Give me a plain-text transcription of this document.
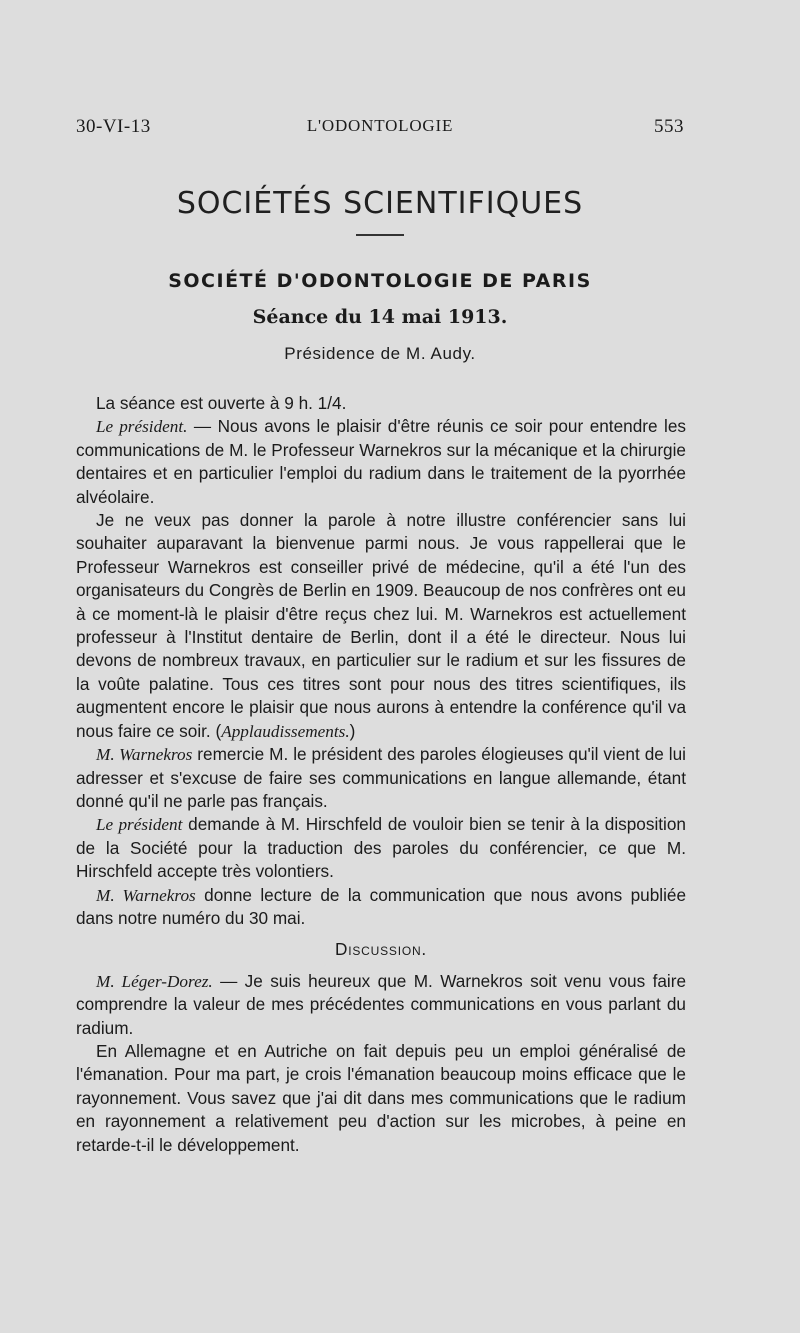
30-VI-13	L'ODONTOLOGIE	553
SOCIÉTÉS SCIENTIFIQUES
SOCIÉTÉ D'ODONTOLOGIE DE PARIS
Séance du 14 mai 1913.
Présidence de M. Audy.

La séance est ouverte à 9 h. 1/4.

Le président. — Nous avons le plaisir d'être réunis ce soir pour entendre les communications de M. le Professeur Warnekros sur la mécanique et la chirurgie dentaires et en particulier l'emploi du radium dans le traitement de la pyorrhée alvéolaire.

Je ne veux pas donner la parole à notre illustre conférencier sans lui souhaiter auparavant la bienvenue parmi nous. Je vous rappellerai que le Professeur Warnekros est conseiller privé de médecine, qu'il a été l'un des organisateurs du Congrès de Berlin en 1909. Beaucoup de nos confrères ont eu à ce moment-là le plaisir d'être reçus chez lui. M. Warnekros est actuellement professeur à l'Institut dentaire de Berlin, dont il a été le directeur. Nous lui devons de nombreux travaux, en particulier sur le radium et sur les fissures de la voûte palatine. Tous ces titres sont pour nous des titres scientifiques, ils augmentent encore le plaisir que nous aurons à entendre la conférence qu'il va nous faire ce soir. (Applaudissements.)

M. Warnekros remercie M. le président des paroles élogieuses qu'il vient de lui adresser et s'excuse de faire ses communications en langue allemande, étant donné qu'il ne parle pas français.

Le président demande à M. Hirschfeld de vouloir bien se tenir à la disposition de la Société pour la traduction des paroles du conférencier, ce que M. Hirschfeld accepte très volontiers.

M. Warnekros donne lecture de la communication que nous avons publiée dans notre numéro du 30 mai.

Discussion.

M. Léger-Dorez. — Je suis heureux que M. Warnekros soit venu vous faire comprendre la valeur de mes précédentes communications en vous parlant du radium.

En Allemagne et en Autriche on fait depuis peu un emploi généralisé de l'émanation. Pour ma part, je crois l'émanation beaucoup moins efficace que le rayonnement. Vous savez que j'ai dit dans mes communications que le radium en rayonnement a relativement peu d'action sur les microbes, à peine en retarde-t-il le développement.
